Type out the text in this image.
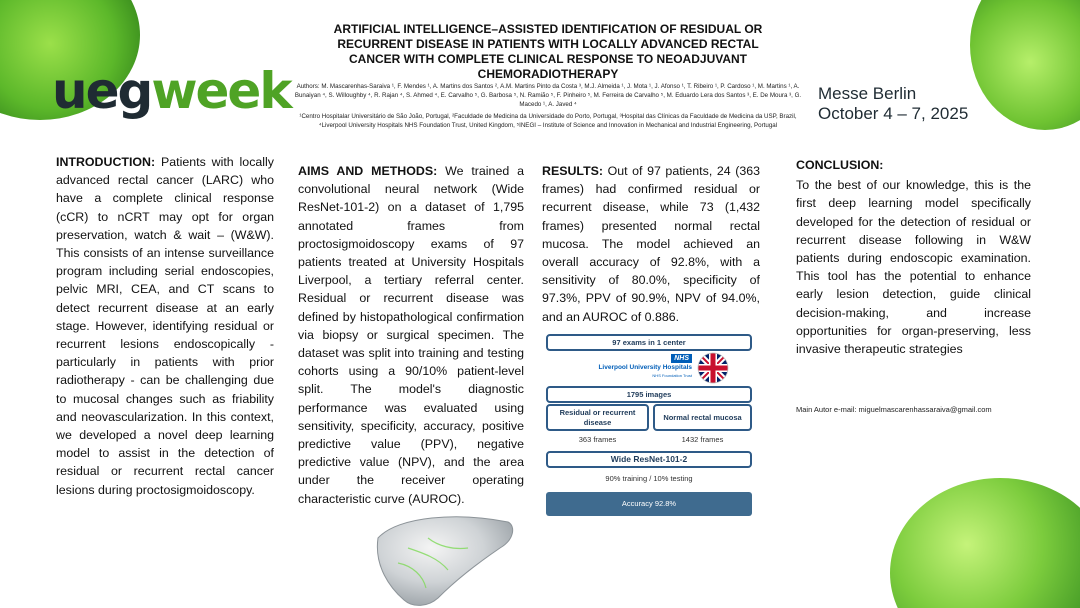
uegweek	Messe Berlin
October 4 – 7, 2025
ARTIFICIAL INTELLIGENCE–ASSISTED IDENTIFICATION OF RESIDUAL OR RECURRENT DISEASE IN PATIENTS WITH LOCALLY ADVANCED RECTAL CANCER WITH COMPLETE CLINICAL RESPONSE TO NEOADJUVANT CHEMORADIOTHERAPY
Authors: M. Mascarenhas-Saraiva ¹, F. Mendes ¹, A. Martins dos Santos ², A.M. Martins Pinto da Costa ³, M.J. Almeida ¹, J. Mota ¹, J. Afonso ¹, T. Ribeiro ¹, P. Cardoso ¹, M. Martins ¹, A. Bunaiyan ⁴, S. Willoughby ⁴, R. Rajan ⁴, S. Ahmed ⁴, E. Carvalho ⁵, G. Barbosa ⁵, N. Ramião ⁵, F. Pinheiro ⁵, M. Ferreira de Carvalho ⁵, M. Eduardo Lera dos Santos ³, E. De Moura ³, G. Macedo ¹, A. Javed ⁴
¹Centro Hospitalar Universitário de São João, Portugal, ²Faculdade de Medicina da Universidade do Porto, Portugal, ³Hospital das Clínicas da Faculdade de Medicina da USP, Brazil, ⁴Liverpool University Hospitals NHS Foundation Trust, United Kingdom, ⁵INEGI – Institute of Science and Innovation in Mechanical and Industrial Engineering, Portugal
INTRODUCTION: Patients with locally advanced rectal cancer (LARC) who have a complete clinical response (cCR) to nCRT may opt for organ preservation, watch & wait – (W&W). This consists of an intense surveillance program including serial endoscopies, pelvic MRI, CEA, and CT scans to detect recurrent disease at an early stage. However, identifying residual or recurrent lesions endoscopically - particularly in patients with prior radiotherapy - can be challenging due to mucosal changes such as friability and neovascularization. In this context, we developed a novel deep learning model to assist in the detection of residual or recurrent rectal cancer lesions during proctosigmoidoscopy.
AIMS AND METHODS: We trained a convolutional neural network (Wide ResNet-101-2) on a dataset of 1,795 annotated frames from proctosigmoidoscopy exams of 97 patients treated at University Hospitals Liverpool, a tertiary referral center. Residual or recurrent disease was defined by histopathological confirmation via biopsy or surgical specimen. The dataset was split into training and testing cohorts using a 90/10% patient-level split. The model's diagnostic performance was evaluated using sensitivity, specificity, accuracy, positive predictive value (PPV), negative predictive value (NPV), and the area under the receiver operating characteristic curve (AUROC).
RESULTS: Out of 97 patients, 24 (363 frames) had confirmed residual or recurrent disease, while 73 (1,432 frames) presented normal rectal mucosa. The model achieved an overall accuracy of 92.8%, with a sensitivity of 80.0%, specificity of 97.3%, PPV of 90.9%, NPV of 94.0%, and an AUROC of 0.886.
CONCLUSION:
To the best of our knowledge, this is the first deep learning model specifically developed for the detection of residual or recurrent disease following in W&W patients during endoscopic examination. This tool has the potential to enhance early lesion detection, guide clinical decision-making, and increase opportunities for organ-preserving, less invasive therapeutic strategies
Main Autor e-mail: miguelmascarenhassaraiva@gmail.com
97 exams in 1 center
NHS
Liverpool University Hospitals
NHS Foundation Trust
1795 images
Residual or recurrent disease
Normal rectal mucosa
363 frames	1432 frames
Wide ResNet-101-2
90% training / 10% testing
Accuracy 92.8%
